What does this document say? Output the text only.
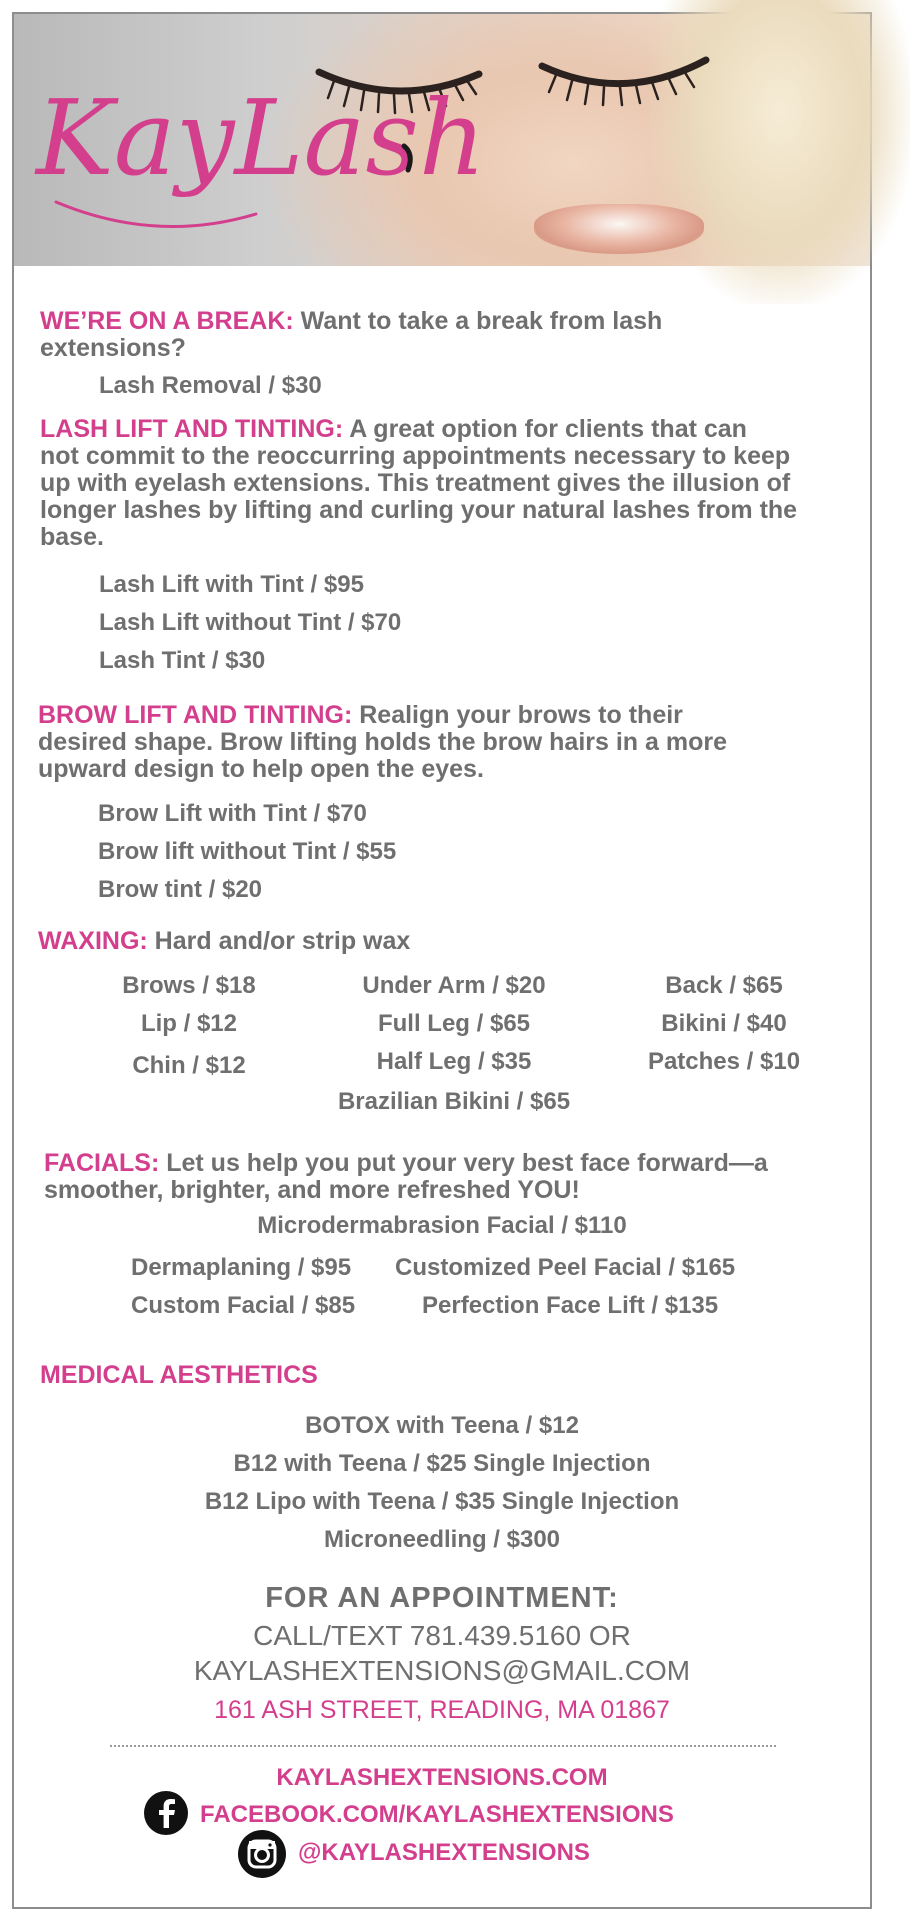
KayLash
WE’RE ON A BREAK: Want to take a break from lash
extensions?
Lash Removal / $30
LASH LIFT AND TINTING: A great option for clients that can
not commit to the reoccurring appointments necessary to keep
up with eyelash extensions. This treatment gives the illusion of
longer lashes by lifting and curling your natural lashes from the
base.
Lash Lift with Tint / $95
Lash Lift without Tint / $70
Lash Tint / $30
BROW LIFT AND TINTING: Realign your brows to their
desired shape. Brow lifting holds the brow hairs in a more
upward design to help open the eyes.
Brow Lift with Tint / $70
Brow lift without Tint / $55
Brow tint / $20
WAXING: Hard and/or strip wax
Brows / $18
Lip / $12
Chin / $12
Under Arm / $20
Full Leg / $65
Half Leg / $35
Back / $65
Bikini / $40
Patches / $10
Brazilian Bikini / $65
FACIALS: Let us help you put your very best face forward—a
smoother, brighter, and more refreshed YOU!
Microdermabrasion Facial / $110
Dermaplaning / $95
Custom Facial / $85
Customized Peel Facial / $165
Perfection Face Lift / $135
MEDICAL AESTHETICS
BOTOX with Teena / $12
B12 with Teena / $25 Single Injection
B12 Lipo with Teena / $35 Single Injection
Microneedling / $300
FOR AN APPOINTMENT:
CALL/TEXT 781.439.5160 OR
KAYLASHEXTENSIONS@GMAIL.COM
161 ASH STREET, READING, MA 01867
KAYLASHEXTENSIONS.COM
FACEBOOK.COM/KAYLASHEXTENSIONS
@KAYLASHEXTENSIONS
